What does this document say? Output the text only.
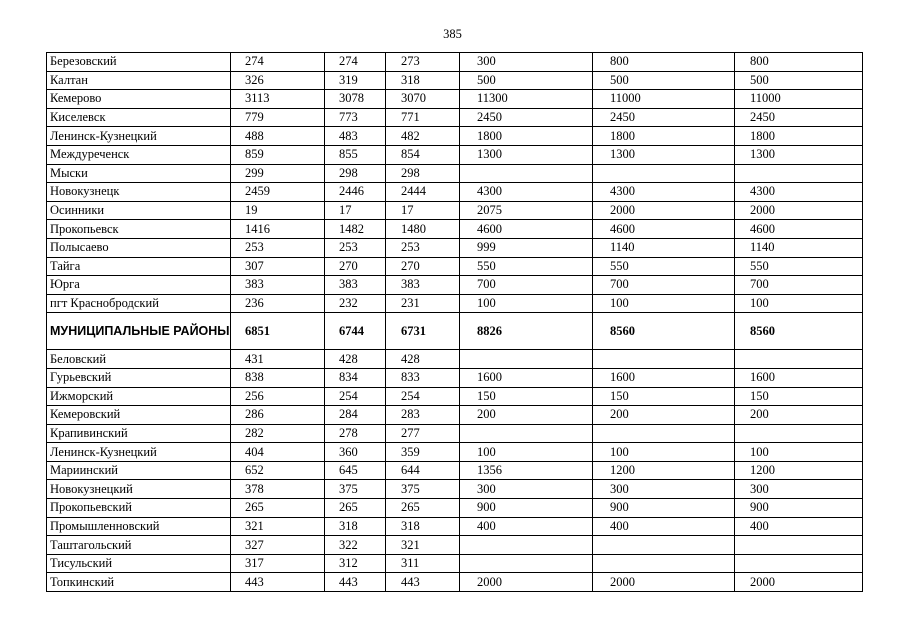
385
Березовский	274	274	273	300	800	800
Калтан	326	319	318	500	500	500
Кемерово	3113	3078	3070	11300	11000	11000
Киселевск	779	773	771	2450	2450	2450
Ленинск-Кузнецкий	488	483	482	1800	1800	1800
Междуреченск	859	855	854	1300	1300	1300
Мыски	299	298	298			
Новокузнецк	2459	2446	2444	4300	4300	4300
Осинники	19	17	17	2075	2000	2000
Прокопьевск	1416	1482	1480	4600	4600	4600
Полысаево	253	253	253	999	1140	1140
Тайга	307	270	270	550	550	550
Юрга	383	383	383	700	700	700
пгт Краснобродский	236	232	231	100	100	100
МУНИЦИПАЛЬНЫЕ РАЙОНЫ	6851	6744	6731	8826	8560	8560
Беловский	431	428	428			
Гурьевский	838	834	833	1600	1600	1600
Ижморский	256	254	254	150	150	150
Кемеровский	286	284	283	200	200	200
Крапивинский	282	278	277			
Ленинск-Кузнецкий	404	360	359	100	100	100
Мариинский	652	645	644	1356	1200	1200
Новокузнецкий	378	375	375	300	300	300
Прокопьевский	265	265	265	900	900	900
Промышленновский	321	318	318	400	400	400
Таштагольский	327	322	321			
Тисульский	317	312	311			
Топкинский	443	443	443	2000	2000	2000
